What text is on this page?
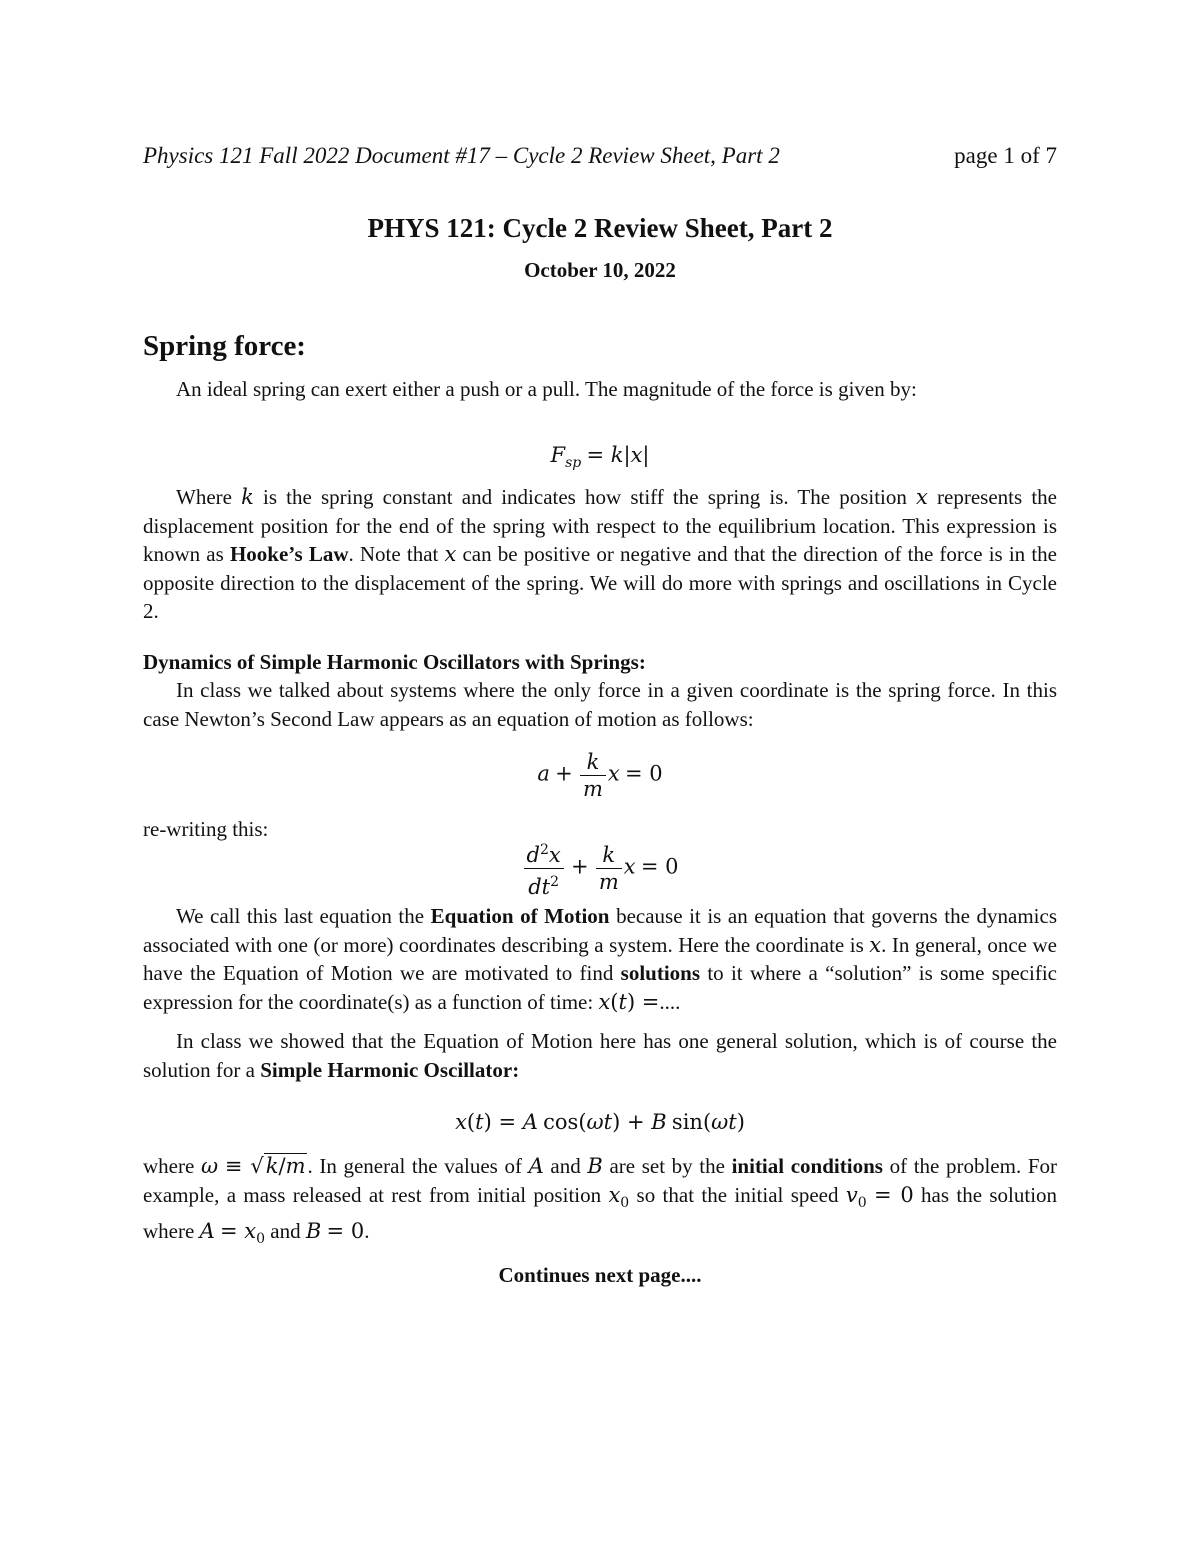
Physics 121 Fall 2022 Document #17 – Cycle 2 Review Sheet, Part 2	page 1 of 7
PHYS 121: Cycle 2 Review Sheet, Part 2
October 10, 2022
Spring force:
An ideal spring can exert either a push or a pull. The magnitude of the force is given by:
$F_{sp} = k|x|$
Where k is the spring constant and indicates how stiff the spring is. The position x represents the displacement position for the end of the spring with respect to the equilibrium location. This expression is known as Hooke’s Law. Note that x can be positive or negative and that the direction of the force is in the opposite direction to the displacement of the spring. We will do more with springs and oscillations in Cycle 2.
Dynamics of Simple Harmonic Oscillators with Springs:
In class we talked about systems where the only force in a given coordinate is the spring force. In this case Newton’s Second Law appears as an equation of motion as follows:
$a + \frac{k}{m}$ x = 0
re-writing this:
$\frac{d^2x}{dt^2} + \frac{k}{m}$ x = 0
We call this last equation the Equation of Motion because it is an equation that governs the dynamics associated with one (or more) coordinates describing a system. Here the coordinate is x. In general, once we have the Equation of Motion we are motivated to find solutions to it where a “solution” is some specific expression for the coordinate(s) as a function of time: x(t) =....
In class we showed that the Equation of Motion here has one general solution, which is of course the solution for a Simple Harmonic Oscillator:
x(t) = A cos(ωt) + B sin(ωt)
where ω ≡ √k/m. In general the values of A and B are set by the initial conditions of the problem. For example, a mass released at rest from initial position $x_0$ so that the initial speed $v_0 = 0$ has the solution where $A = x_0$ and B = 0.
Continues next page....
